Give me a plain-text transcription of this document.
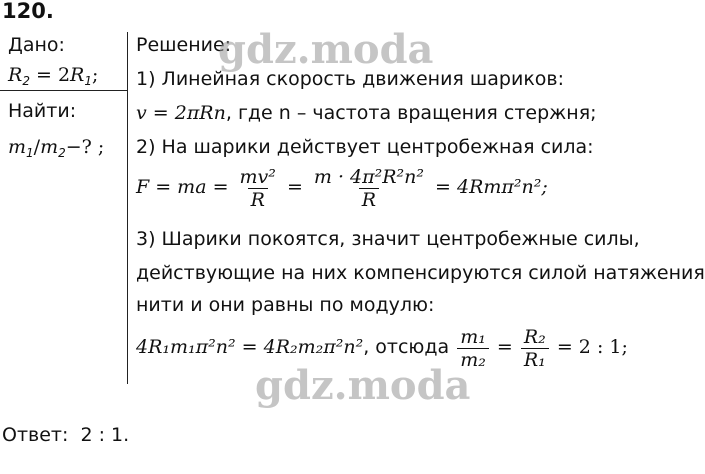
120.
Дано:
$R_2 = 2R_1$;
Найти:
$m_1/m_2-$? ;
Решение:
1) Линейная скорость движения шариков:
v = 2πRn, где n – частота вращения стержня;
2) На шарики действует центробежная сила:
F = ma = $\frac{\text{mv²}}{R} = \frac{\text{m · 4π²R²n²}}{R} = 4Rm\pi^2n^2$;
3) Шарики покоятся, значит центробежные силы,
действующие на них компенсируются силой натяжения
нити и они равны по модулю:
4R₁m₁π²n² = 4R₂m₂π²n², отсюда $\frac{\text{m₁}}{\text{m₂}} = \frac{\text{R₂}}{\text{R₁}} = 2$ : 1;
Ответ: 2 : 1.
gdz.moda
gdz.moda
